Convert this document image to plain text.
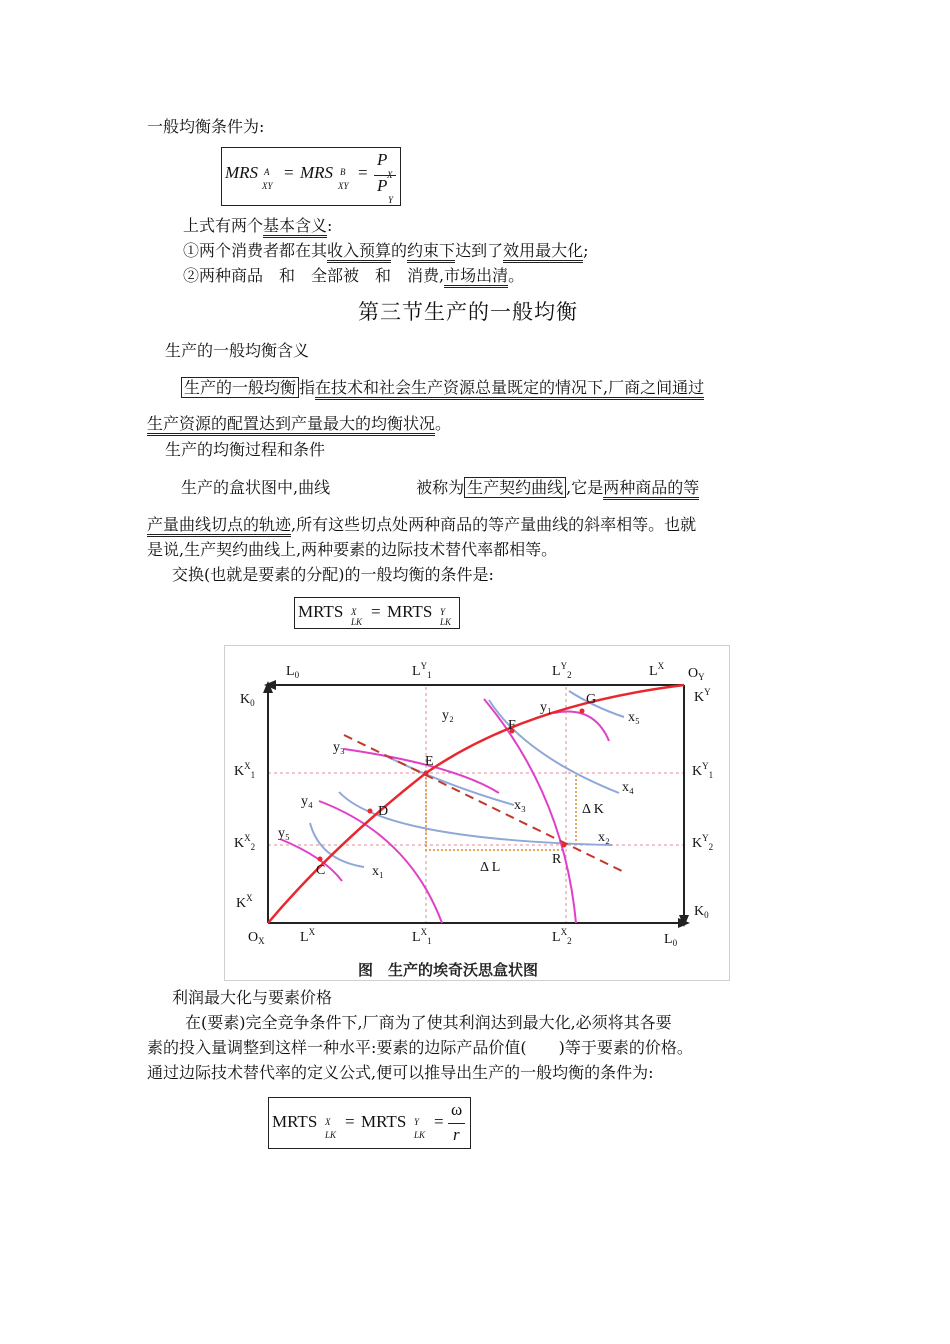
一般均衡条件为:
MRS A
XY
= MRS B
XY
=
P
X
P
Y
上式有两个基本含义:
①两个消费者都在其收入预算的约束下达到了效用最大化;
②两种商品　和　全部被　和　消费,市场出清。
第三节生产的一般均衡
生产的一般均衡含义
生产的一般均衡 指在技术和社会生产资源总量既定的情况下,厂商之间通过
生产资源的配置达到产量最大的均衡状况。
生产的均衡过程和条件
生产的盒状图中,曲线	被称为 生产契约曲线 ,它是两种商品的等
产量曲线切点的轨迹,所有这些切点处两种商品的等产量曲线的斜率相等。也就
是说,生产契约曲线上,两种要素的边际技术替代率都相等。
交换(也就是要素的分配)的一般均衡的条件是:
MRTS X
LK
= MRTS Y
LK
$L_0$	$L^Y_1$	$L^Y_2$	$L^X$ $O_Y$
$K_0$
$K^X_1$
$K^X_2$
$K^X$
$O_X$
$K^Y$
$K^Y_1$
$K^Y_2$
$K_0$
$L^X$	$L^X_1$	$L^X_2$	$L_0$
G
F
E
D
C
R
y₁
y₂
y₃
y₄
y₅
x₅
x₄
x₃
x₂
x₁
Δ K
Δ L
图　生产的埃奇沃思盒状图
利润最大化与要素价格
在(要素)完全竞争条件下,厂商为了使其利润达到最大化,必须将其各要
素的投入量调整到这样一种水平:要素的边际产品价值(　　)等于要素的价格。
通过边际技术替代率的定义公式,便可以推导出生产的一般均衡的条件为:
MRTS X
LK
= MRTS Y
LK
=
ω
r
